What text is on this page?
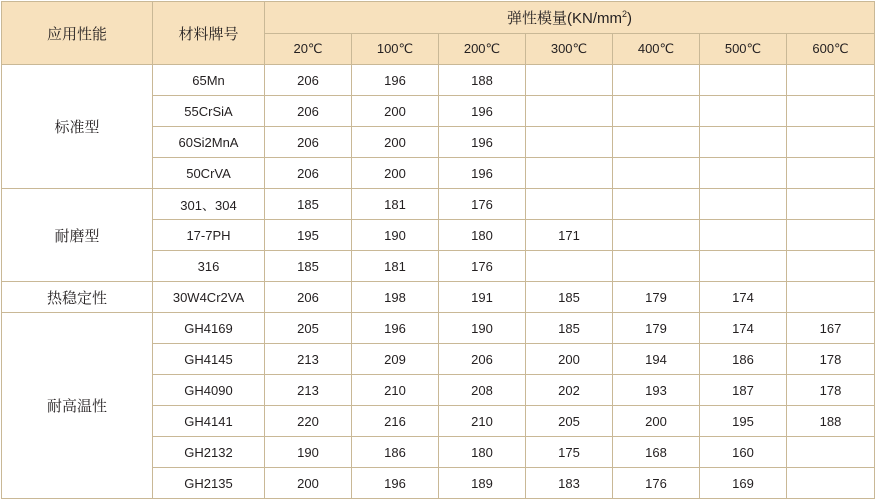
应用性能	材料牌号	弹性模量$(KN/mm^2)$						
		20℃	100℃	200℃	300℃	400℃	500℃	600℃
标准型	65Mn	206	196	188				
	55CrSiA	206	200	196				
	60Si2MnA	206	200	196				
	50CrVA	206	200	196				
耐磨型	301、304	185	181	176				
	17-7PH	195	190	180	171			
	316	185	181	176				
热稳定性	30W4Cr2VA	206	198	191	185	179	174	
耐高温性	GH4169	205	196	190	185	179	174	167
	GH4145	213	209	206	200	194	186	178
	GH4090	213	210	208	202	193	187	178
	GH4141	220	216	210	205	200	195	188
	GH2132	190	186	180	175	168	160	
	GH2135	200	196	189	183	176	169	
